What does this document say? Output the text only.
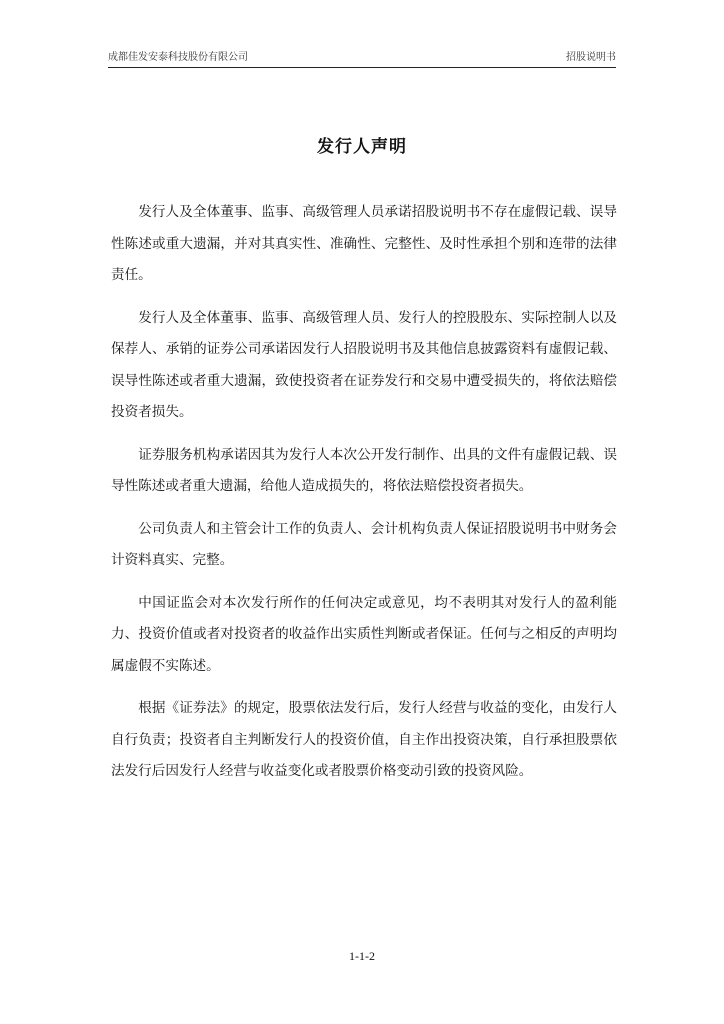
成都佳发安泰科技股份有限公司	招股说明书
发行人声明

发行人及全体董事、监事、高级管理人员承诺招股说明书不存在虚假记载、误导性陈述或重大遗漏，并对其真实性、准确性、完整性、及时性承担个别和连带的法律责任。

发行人及全体董事、监事、高级管理人员、发行人的控股股东、实际控制人以及保荐人、承销的证券公司承诺因发行人招股说明书及其他信息披露资料有虚假记载、误导性陈述或者重大遗漏，致使投资者在证券发行和交易中遭受损失的，将依法赔偿投资者损失。

证券服务机构承诺因其为发行人本次公开发行制作、出具的文件有虚假记载、误导性陈述或者重大遗漏，给他人造成损失的，将依法赔偿投资者损失。

公司负责人和主管会计工作的负责人、会计机构负责人保证招股说明书中财务会计资料真实、完整。

中国证监会对本次发行所作的任何决定或意见，均不表明其对发行人的盈利能力、投资价值或者对投资者的收益作出实质性判断或者保证。任何与之相反的声明均属虚假不实陈述。

根据《证券法》的规定，股票依法发行后，发行人经营与收益的变化，由发行人自行负责；投资者自主判断发行人的投资价值，自主作出投资决策，自行承担股票依法发行后因发行人经营与收益变化或者股票价格变动引致的投资风险。

1-1-2
